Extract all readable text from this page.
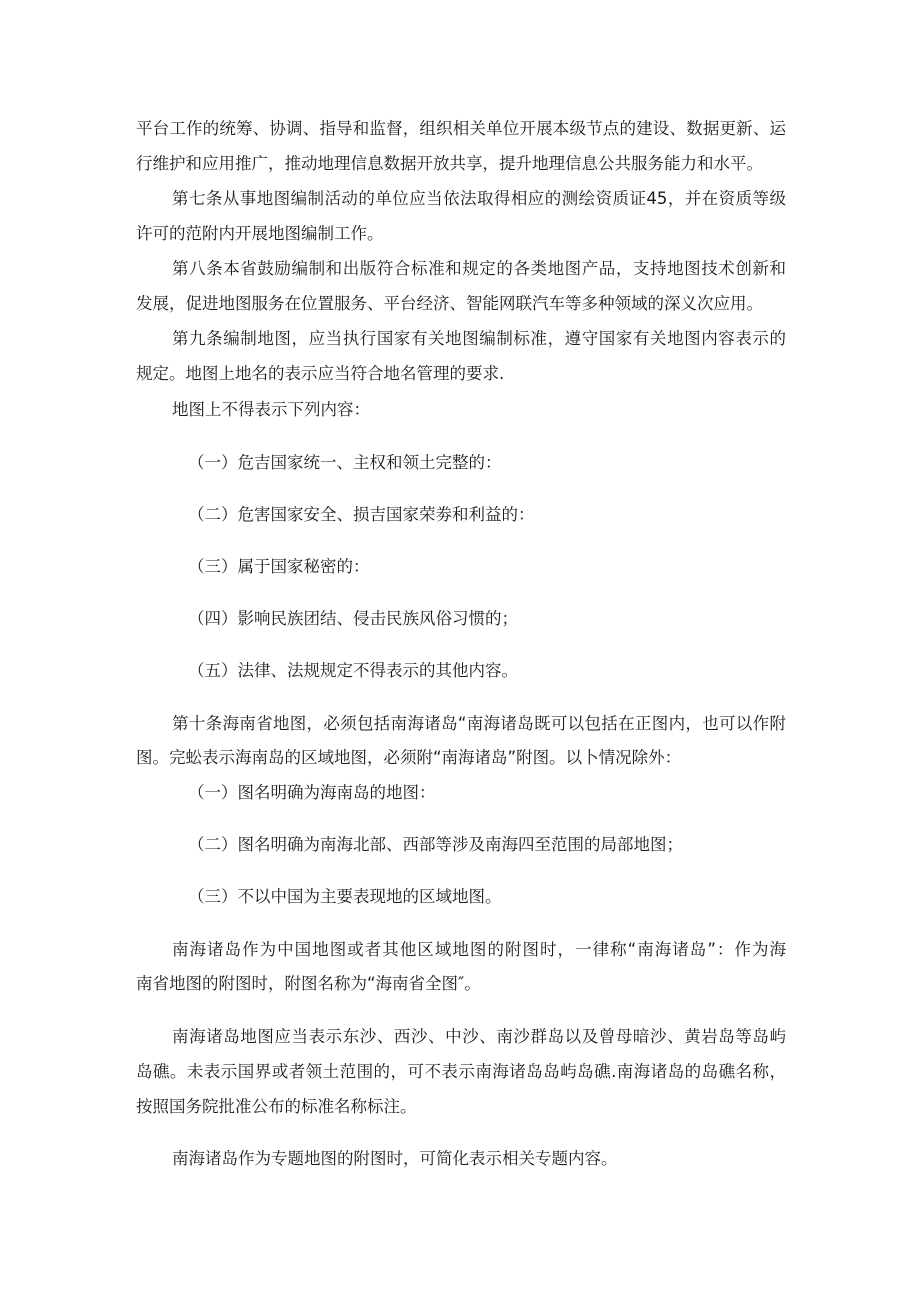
平台工作的统筹、协调、指导和监督，组织相关单位开展本级节点的建设、数据更新、运
行维护和应用推广，推动地理信息数据开放共享，提升地理信息公共服务能力和水平。
第七条从事地图编制活动的单位应当依法取得相应的测绘资质证45，并在资质等级
许可的范附内开展地图编制工作。
第八条本省鼓励编制和出版符合标准和规定的各类地图产品，支持地图技术创新和
发展，促进地图服务在位置服务、平台经济、智能网联汽车等多种领域的深义次应用。
第九条编制地图，应当执行国家有关地图编制标准，遵守国家有关地图内容表示的
规定。地图上地名的表示应当符合地名管理的要求.
地图上不得表示下列内容：
（一）危吉国家统一、主权和领土完整的：
（二）危害国家安全、损吉国家荣劵和利益的：
（三）属于国家秘密的：
（四）影响民族团结、侵击民族风俗习惯的；
（五）法律、法规规定不得表示的其他内容。
第十条海南省地图，必须包括南海诸岛“南海诸岛既可以包括在正图内，也可以作附
图。完蚣表示海南岛的区域地图，必须附“南海诸岛”附图。以卜情况除外：
（一）图名明确为海南岛的地图：
（二）图名明确为南海北部、西部等涉及南海四至范围的局部地图；
（三）不以中国为主要表现地的区域地图。
南海诸岛作为中国地图或者其他区域地图的附图时，一律称“南海诸岛”：作为海
南省地图的附图时，附图名称为“海南省全图″。
南海诸岛地图应当表示东沙、西沙、中沙、南沙群岛以及曾母暗沙、黄岩岛等岛屿
岛礁。未表示国界或者领土范围的，可不表示南海诸岛岛屿岛礁.南海诸岛的岛礁名称，
按照国务院批准公布的标准名称标注。
南海诸岛作为专题地图的附图时，可简化表示相关专题内容。
